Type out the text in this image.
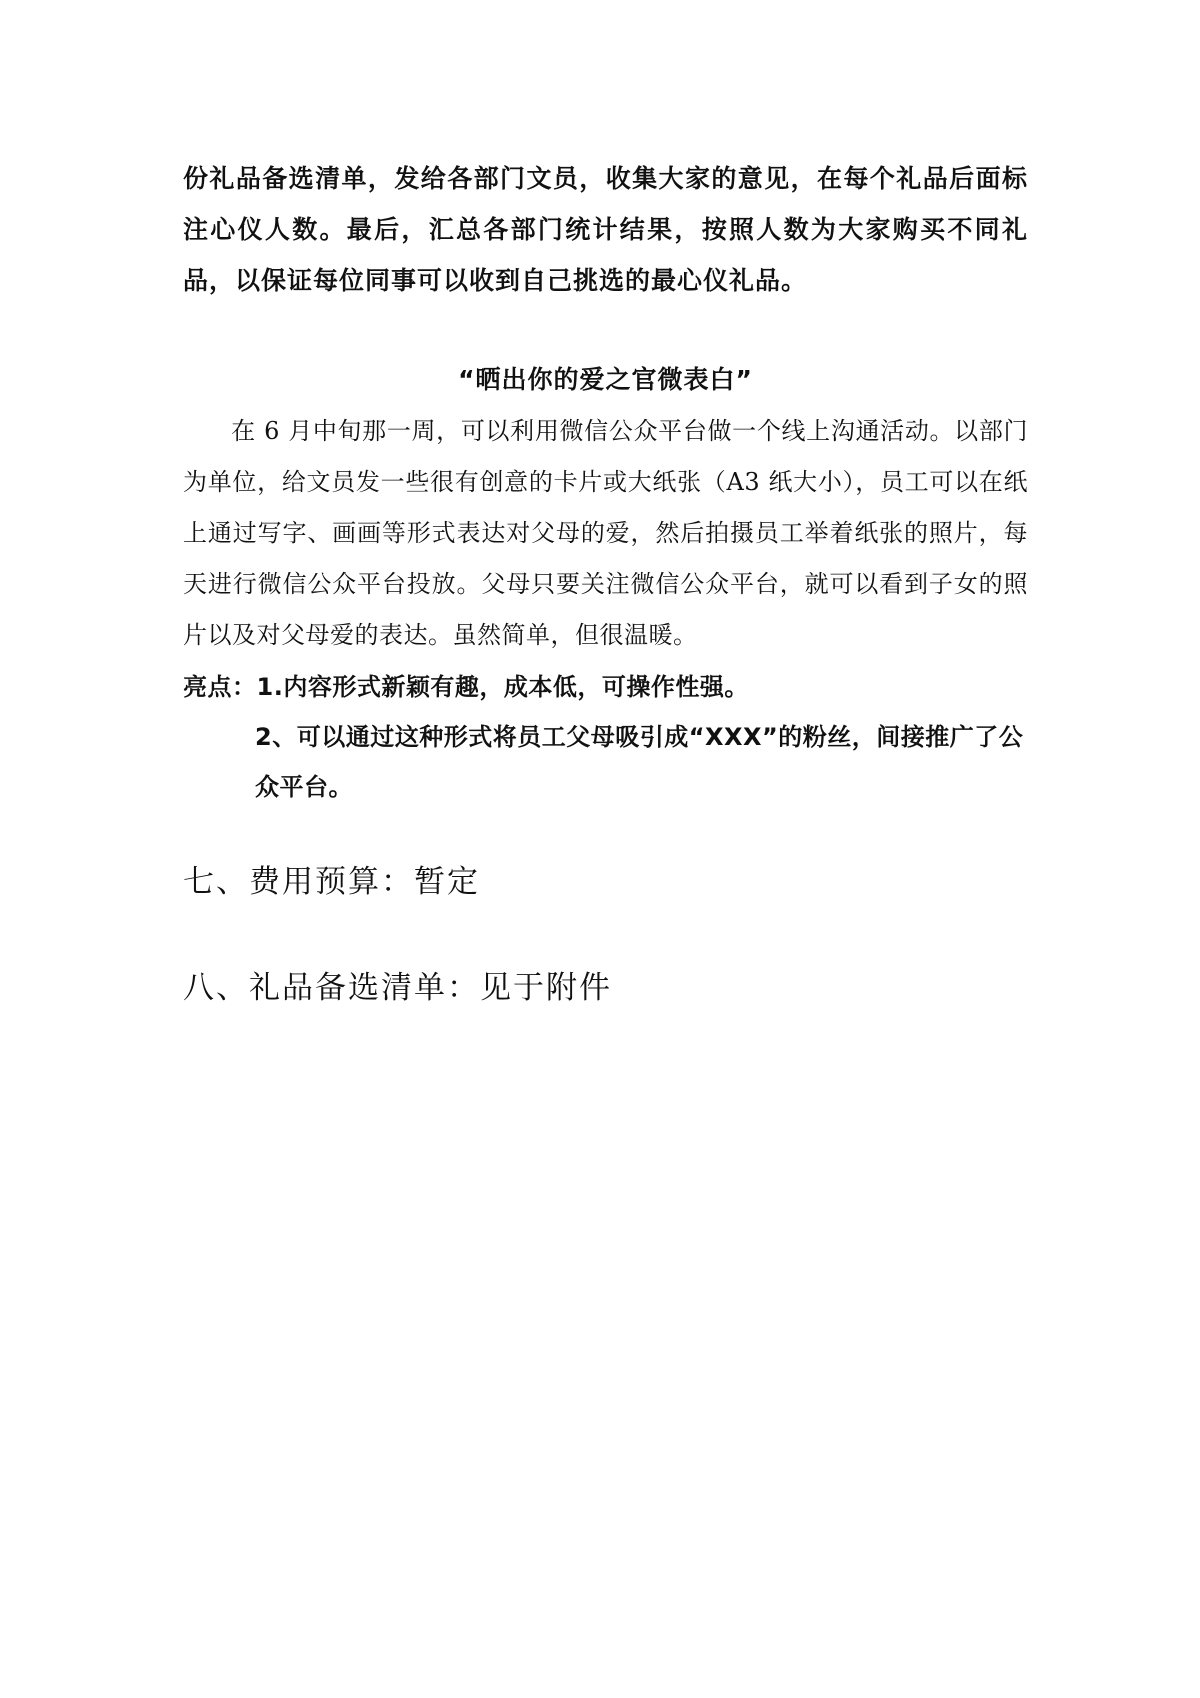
份礼品备选清单，发给各部门文员，收集大家的意见，在每个礼品后面标注心仪人数。最后，汇总各部门统计结果，按照人数为大家购买不同礼品，以保证每位同事可以收到自己挑选的最心仪礼品。
“晒出你的爱之官微表白”
在 6 月中旬那一周，可以利用微信公众平台做一个线上沟通活动。以部门为单位，给文员发一些很有创意的卡片或大纸张（A3 纸大小），员工可以在纸上通过写字、画画等形式表达对父母的爱，然后拍摄员工举着纸张的照片，每天进行微信公众平台投放。父母只要关注微信公众平台，就可以看到子女的照片以及对父母爱的表达。虽然简单，但很温暖。
亮点：1.内容形式新颖有趣，成本低，可操作性强。
2、可以通过这种形式将员工父母吸引成“XXX”的粉丝，间接推广了公众平台。
七、费用预算：暂定
八、礼品备选清单：见于附件
